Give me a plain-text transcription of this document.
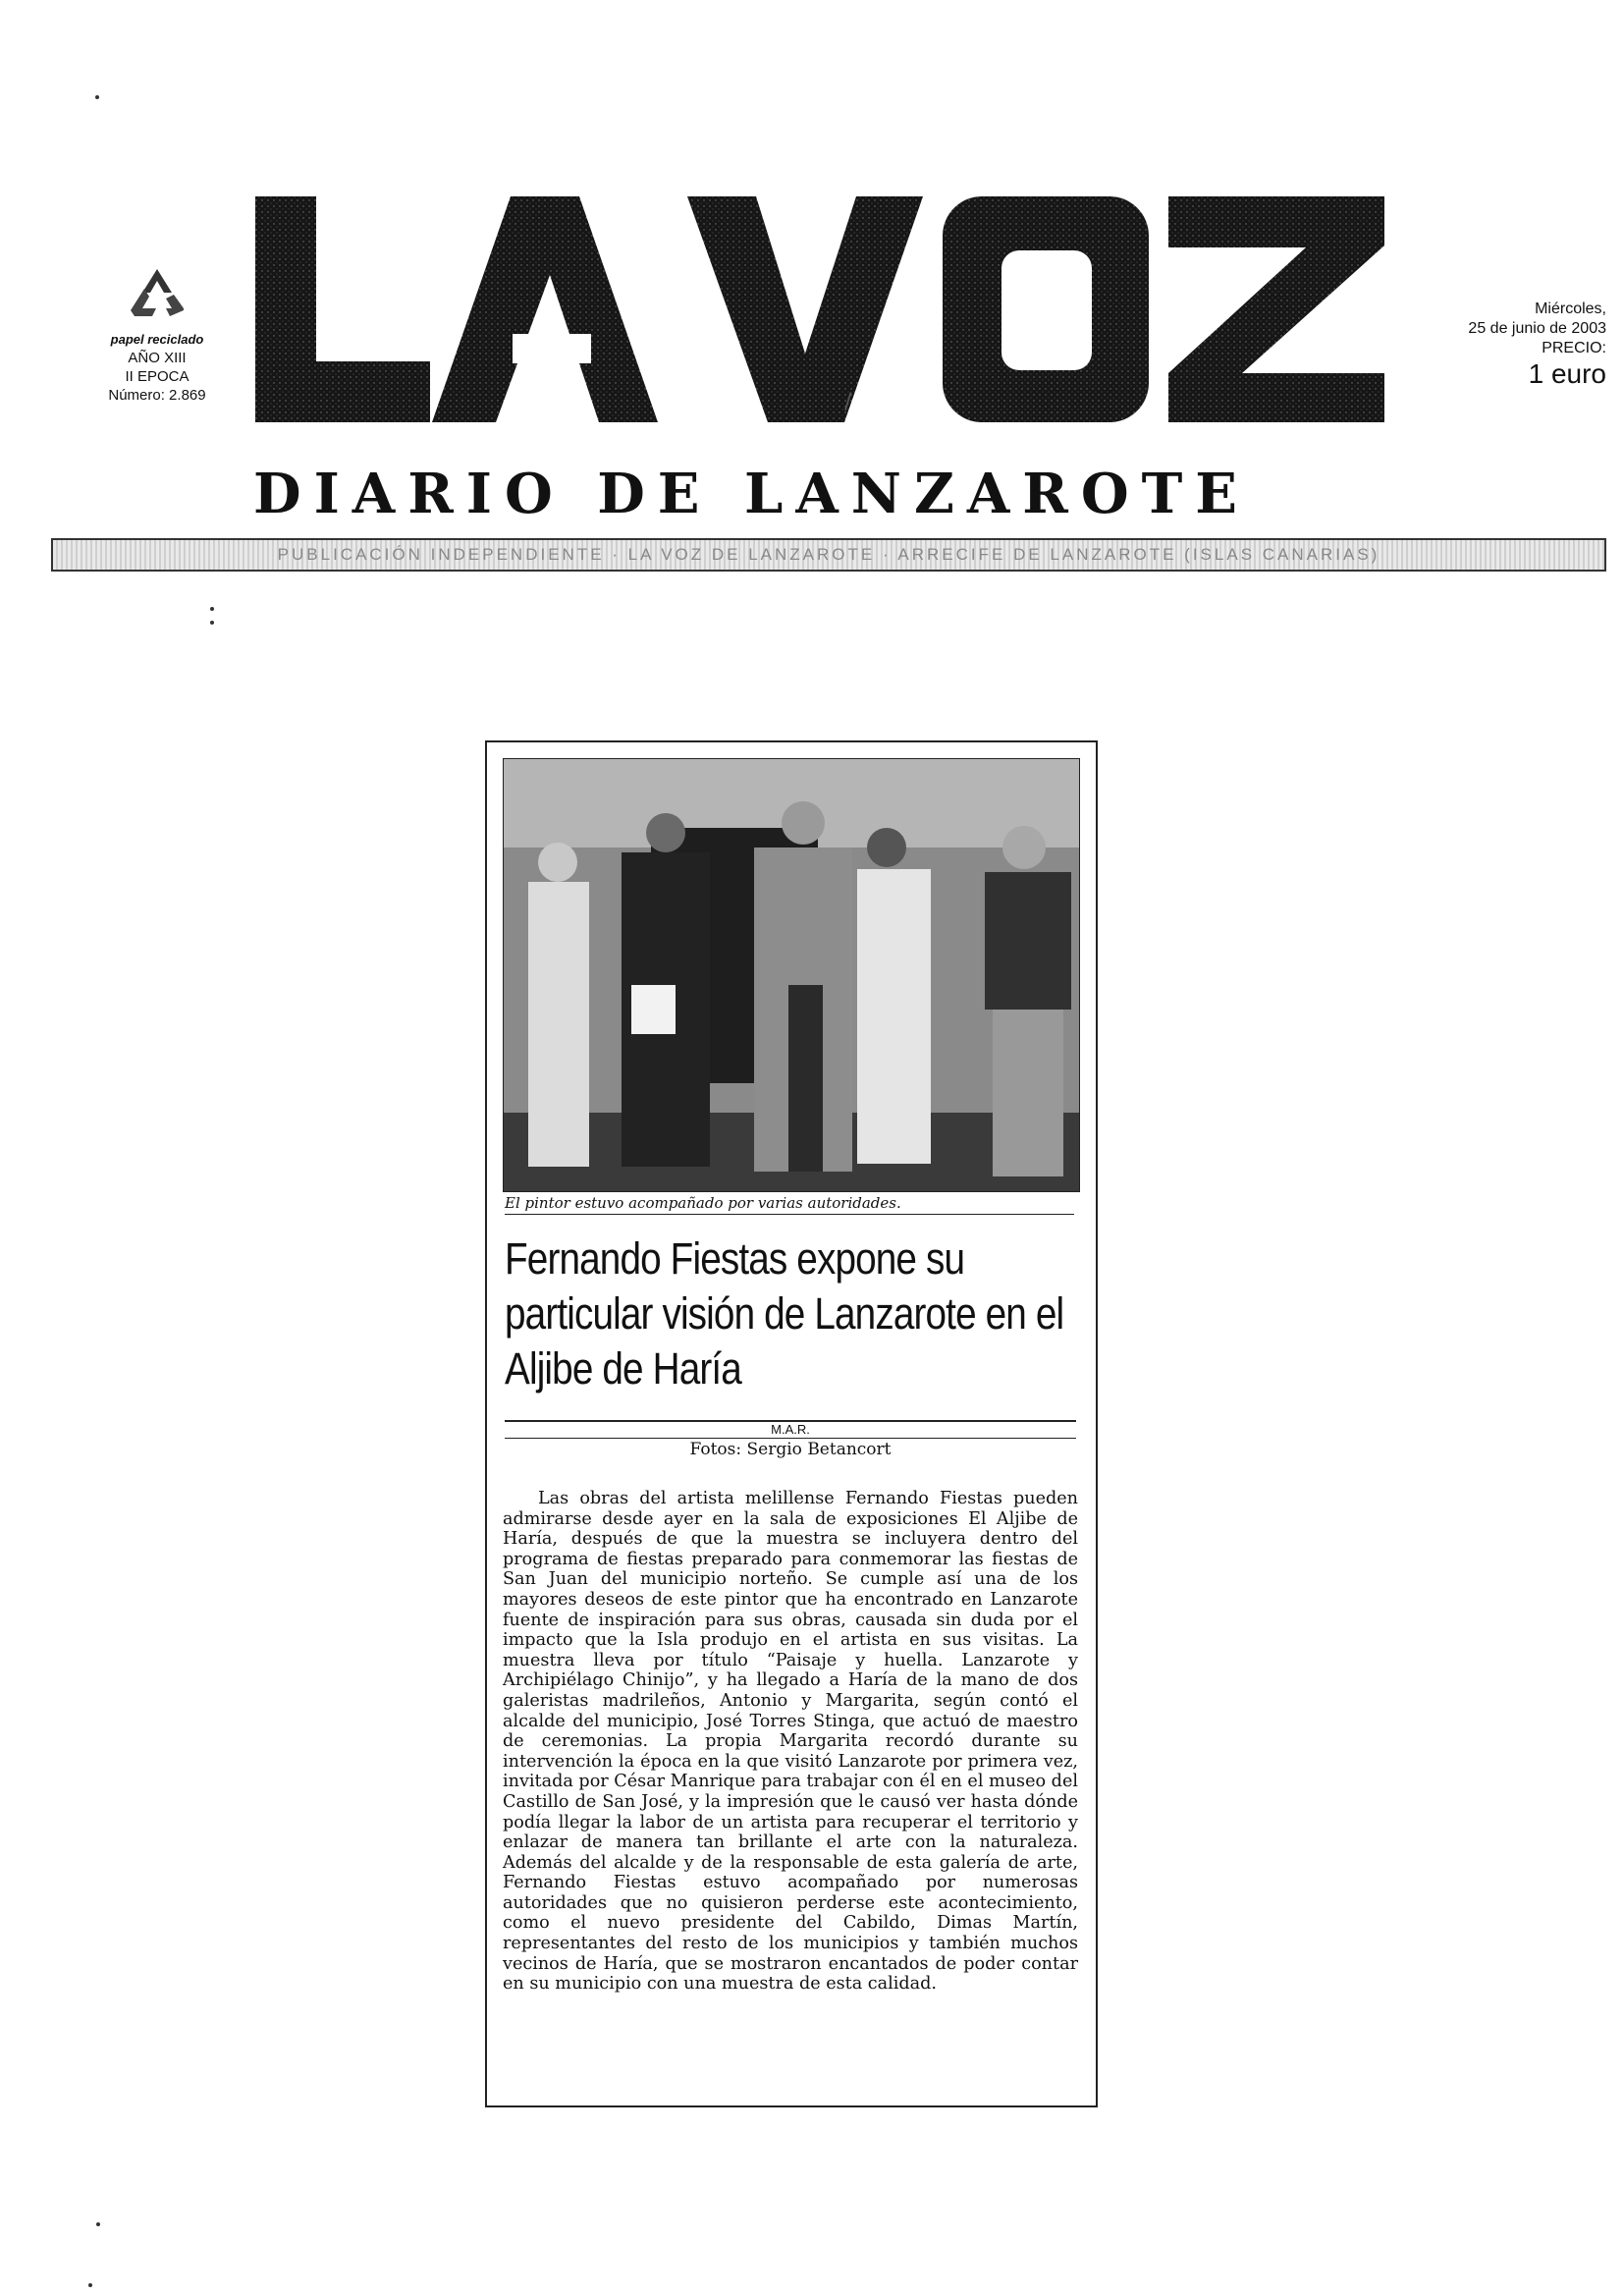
VA
papel reciclado
AÑO XIII
II EPOCA
Número: 2.869	/
DIARIO DE LANZAROTE
PUBLICACIÓN INDEPENDIENTE · LA VOZ DE LANZAROTE · ARRECIFE DE LANZAROTE (ISLAS CANARIAS)
Miércoles,
25 de junio de 2003
PRECIO:
1 euro
El pintor estuvo acompañado por varias autoridades.
Fernando Fiestas expone su particular visión de Lanzarote en el Aljibe de Haría
M.A.R.
Fotos: Sergio Betancort

Las obras del artista melillense Fernando Fiestas pueden admirarse desde ayer en la sala de exposiciones El Aljibe de Haría, después de que la muestra se incluyera dentro del programa de fiestas preparado para conmemorar las fiestas de San Juan del municipio norteño. Se cumple así una de los mayores deseos de este pintor que ha encontrado en Lanzarote fuente de inspiración para sus obras, causada sin duda por el impacto que la Isla produjo en el artista en sus visitas. La muestra lleva por título “Paisaje y huella. Lanzarote y Archipiélago Chinijo”, y ha llegado a Haría de la mano de dos galeristas madrileños, Antonio y Margarita, según contó el alcalde del municipio, José Torres Stinga, que actuó de maestro de ceremonias. La propia Margarita recordó durante su intervención la época en la que visitó Lanzarote por primera vez, invitada por César Manrique para trabajar con él en el museo del Castillo de San José, y la impresión que le causó ver hasta dónde podía llegar la labor de un artista para recuperar el territorio y enlazar de manera tan brillante el arte con la naturaleza. Además del alcalde y de la responsable de esta galería de arte, Fernando Fiestas estuvo acompañado por numerosas autoridades que no quisieron perderse este acontecimiento, como el nuevo presidente del Cabildo, Dimas Martín, representantes del resto de los municipios y también muchos vecinos de Haría, que se mostraron encantados de poder contar en su municipio con una muestra de esta calidad.
